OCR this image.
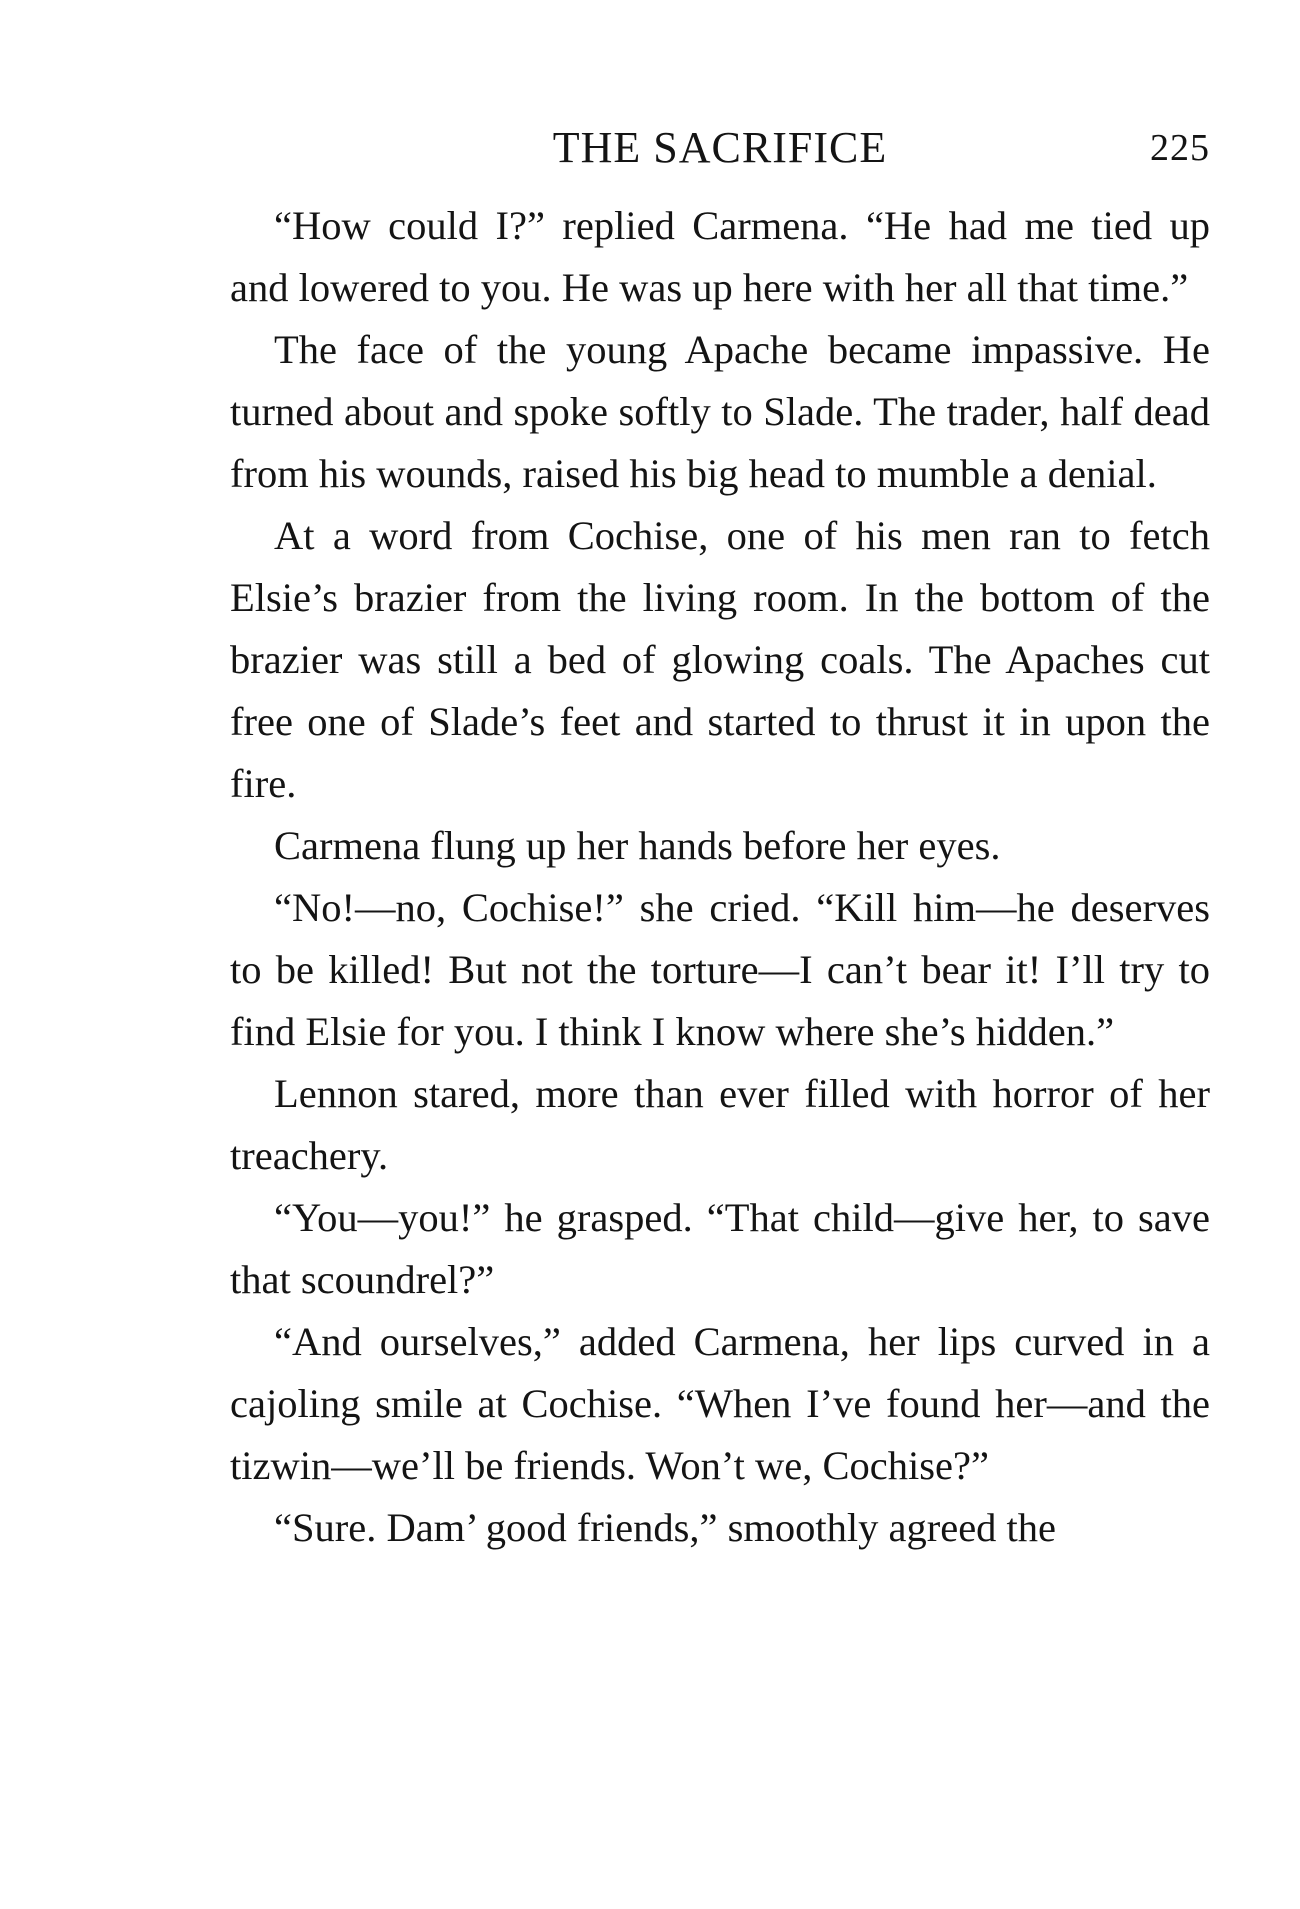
THE SACRIFICE	225

“How could I?” replied Carmena. “He had me tied up and lowered to you. He was up here with her all that time.”

The face of the young Apache became impassive. He turned about and spoke softly to Slade. The trader, half dead from his wounds, raised his big head to mumble a denial.

At a word from Cochise, one of his men ran to fetch Elsie’s brazier from the living room. In the bottom of the brazier was still a bed of glowing coals. The Apaches cut free one of Slade’s feet and started to thrust it in upon the fire.

Carmena flung up her hands before her eyes.

“No!—no, Cochise!” she cried. “Kill him—he deserves to be killed! But not the torture—I can’t bear it! I’ll try to find Elsie for you. I think I know where she’s hidden.”

Lennon stared, more than ever filled with horror of her treachery.

“You—you!” he grasped. “That child—give her, to save that scoundrel?”

“And ourselves,” added Carmena, her lips curved in a cajoling smile at Cochise. “When I’ve found her—and the tizwin—we’ll be friends. Won’t we, Cochise?”

“Sure. Dam’ good friends,” smoothly agreed the
